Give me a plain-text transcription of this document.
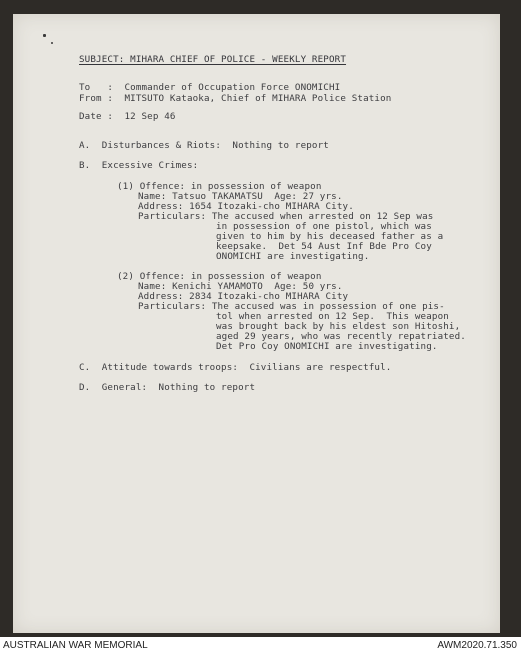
SUBJECT: MIHARA CHIEF OF POLICE - WEEKLY REPORT

To   :  Commander of Occupation Force ONOMICHI

From :  MITSUTO Kataoka, Chief of MIHARA Police Station

Date :  12 Sep 46

A.  Disturbances & Riots:  Nothing to report

B.  Excessive Crimes:

(1) Offence: in possession of weapon

Name: Tatsuo TAKAMATSU  Age: 27 yrs.

Address: 1654 Itozaki-cho MIHARA City.

Particulars: The accused when arrested on 12 Sep was

in possession of one pistol, which was

given to him by his deceased father as a

keepsake.  Det 54 Aust Inf Bde Pro Coy

ONOMICHI are investigating.

(2) Offence: in possession of weapon

Name: Kenichi YAMAMOTO  Age: 50 yrs.

Address: 2834 Itozaki-cho MIHARA City

Particulars: The accused was in possession of one pis-

tol when arrested on 12 Sep.  This weapon

was brought back by his eldest son Hitoshi,

aged 29 years, who was recently repatriated.

Det Pro Coy ONOMICHI are investigating.

C.  Attitude towards troops:  Civilians are respectful.

D.  General:  Nothing to report

AUSTRALIAN WAR MEMORIAL	AWM2020.71.350
